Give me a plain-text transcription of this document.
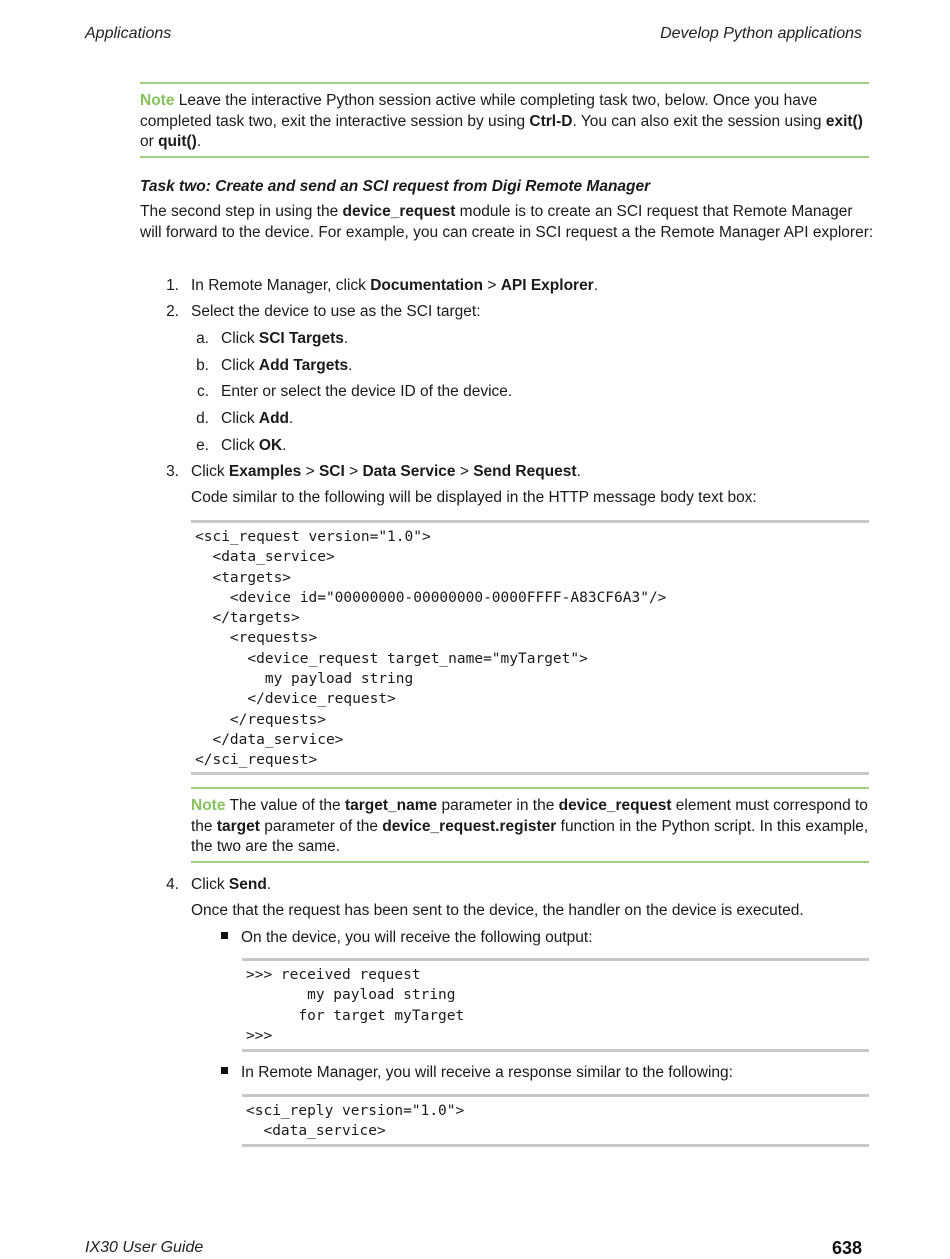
Applications	Develop Python applications
Note Leave the interactive Python session active while completing task two, below. Once you have completed task two, exit the interactive session by using Ctrl-D. You can also exit the session using exit() or quit().
Task two: Create and send an SCI request from Digi Remote Manager
The second step in using the device_request module is to create an SCI request that Remote Manager will forward to the device. For example, you can create in SCI request a the Remote Manager API explorer:
1. In Remote Manager, click Documentation > API Explorer.
2. Select the device to use as the SCI target:
a. Click SCI Targets.
b. Click Add Targets.
c. Enter or select the device ID of the device.
d. Click Add.
e. Click OK.
3. Click Examples > SCI > Data Service > Send Request.
Code similar to the following will be displayed in the HTTP message body text box:
<sci_request version="1.0">
<data_service>
<targets>
<device id="00000000-00000000-0000FFFF-A83CF6A3"/>
</targets>
<requests>
<device_request target_name="myTarget">
my payload string
</device_request>
</requests>
</data_service>
</sci_request>
Note The value of the target_name parameter in the device_request element must correspond to the target parameter of the device_request.register function in the Python script. In this example, the two are the same.
4. Click Send.
Once that the request has been sent to the device, the handler on the device is executed.
On the device, you will receive the following output:
>>> received request
my payload string
for target myTarget
>>>
In Remote Manager, you will receive a response similar to the following:
<sci_reply version="1.0">
<data_service>
IX30 User Guide	638
